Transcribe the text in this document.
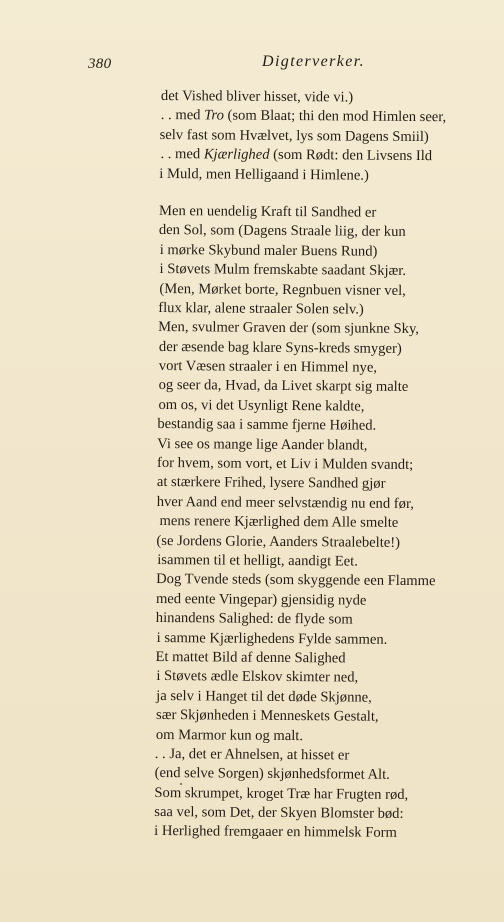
380	Digterverker.
det Vished bliver hisset, vide vi.)
. . med Tro (som Blaat; thi den mod Himlen seer,
selv fast som Hvælvet, lys som Dagens Smiil)
. . med Kjærlighed (som Rødt: den Livsens Ild
i Muld, men Helligaand i Himlene.)
Men en uendelig Kraft til Sandhed er
den Sol, som (Dagens Straale liig, der kun
i mørke Skybund maler Buens Rund)
i Støvets Mulm fremskabte saadant Skjær.
(Men, Mørket borte, Regnbuen visner vel,
flux klar, alene straaler Solen selv.)
Men, svulmer Graven der (som sjunkne Sky,
der æsende bag klare Syns-kreds smyger)
vort Væsen straaler i en Himmel nye,
og seer da, Hvad, da Livet skarpt sig malte
om os, vi det Usynligt Rene kaldte,
bestandig saa i samme fjerne Høihed.
Vi see os mange lige Aander blandt,
for hvem, som vort, et Liv i Mulden svandt;
at stærkere Frihed, lysere Sandhed gjør
hver Aand end meer selvstændig nu end før,
mens renere Kjærlighed dem Alle smelte
(se Jordens Glorie, Aanders Straalebelte!)
isammen til et helligt, aandigt Eet.
Dog Tvende steds (som skyggende een Flamme
med eente Vingepar) gjensidig nyde
hinandens Salighed: de flyde som
i samme Kjærlighedens Fylde sammen.
Et mattet Bild af denne Salighed
i Støvets ædle Elskov skimter ned,
ja selv i Hanget til det døde Skjønne,
sær Skjønheden i Menneskets Gestalt,
om Marmor kun og malt.
. . Ja, det er Ahnelsen, at hisset er
(end selve Sorgen) skjønhedsformet Alt.
Som skrumpet, kroget Træ har Frugten rød,
saa vel, som Det, der Skyen Blomster bød:
i Herlighed fremgaaer en himmelsk Form
